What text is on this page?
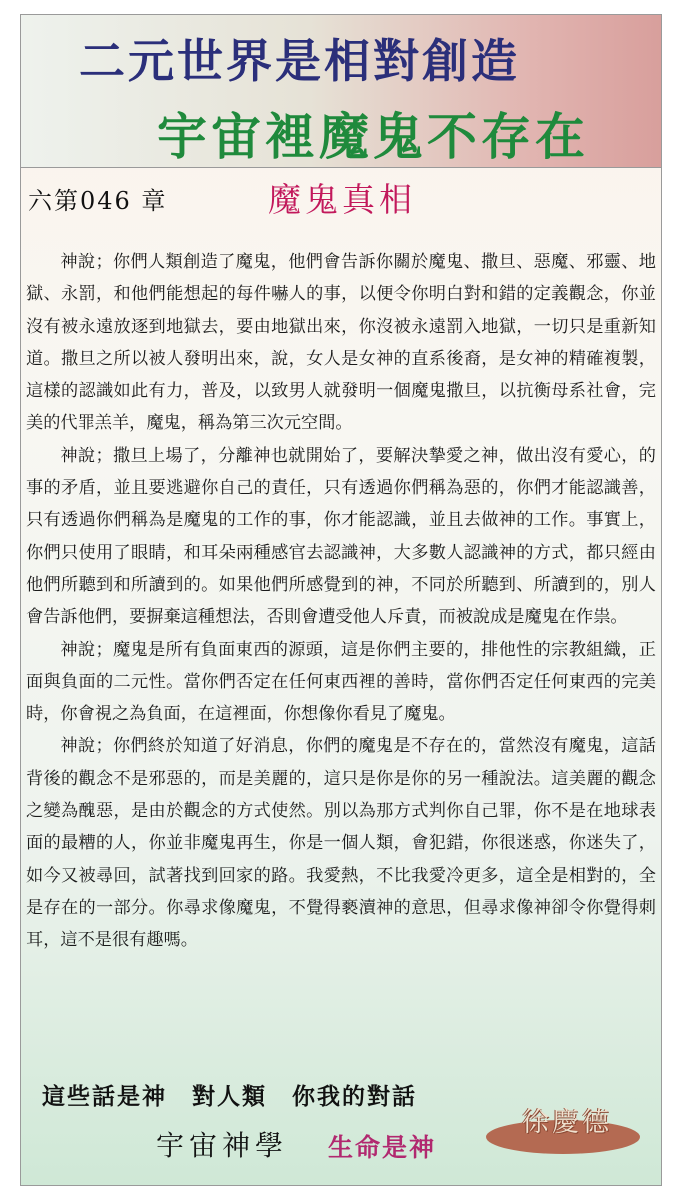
二元世界是相對創造
宇宙裡魔鬼不存在
六第046 章	魔鬼真相

神說；你們人類創造了魔鬼，他們會告訴你關於魔鬼、撒旦、惡魔、邪靈、地獄、永罰，和他們能想起的每件嚇人的事，以便令你明白對和錯的定義觀念，你並沒有被永遠放逐到地獄去，要由地獄出來，你沒被永遠罰入地獄，一切只是重新知道。撒旦之所以被人發明出來，說，女人是女神的直系後裔，是女神的精確複製，這樣的認識如此有力，普及，以致男人就發明一個魔鬼撒旦，以抗衡母系社會，完美的代罪羔羊，魔鬼，稱為第三次元空間。

神說；撒旦上場了，分離神也就開始了，要解決摯愛之神，做出沒有愛心，的事的矛盾，並且要逃避你自己的責任，只有透過你們稱為惡的，你們才能認識善，只有透過你們稱為是魔鬼的工作的事，你才能認識，並且去做神的工作。事實上，你們只使用了眼睛，和耳朵兩種感官去認識神，大多數人認識神的方式，都只經由他們所聽到和所讀到的。如果他們所感覺到的神，不同於所聽到、所讀到的，別人會告訴他們，要摒棄這種想法，否則會遭受他人斥責，而被說成是魔鬼在作祟。

神說；魔鬼是所有負面東西的源頭，這是你們主要的，排他性的宗教組織，正面與負面的二元性。當你們否定在任何東西裡的善時，當你們否定任何東西的完美時，你會視之為負面，在這裡面，你想像你看見了魔鬼。

神說；你們終於知道了好消息，你們的魔鬼是不存在的，當然沒有魔鬼，這話背後的觀念不是邪惡的，而是美麗的，這只是你是你的另一種說法。這美麗的觀念之變為醜惡，是由於觀念的方式使然。別以為那方式判你自己罪，你不是在地球表面的最糟的人，你並非魔鬼再生，你是一個人類，會犯錯，你很迷惑，你迷失了，如今又被尋回，試著找到回家的路。我愛熱，不比我愛冷更多，這全是相對的，全是存在的一部分。你尋求像魔鬼，不覺得褻瀆神的意思，但尋求像神卻令你覺得刺耳，這不是很有趣嗎。

這些話是神　對人類　你我的對話
宇宙神學 生命是神
徐慶德
